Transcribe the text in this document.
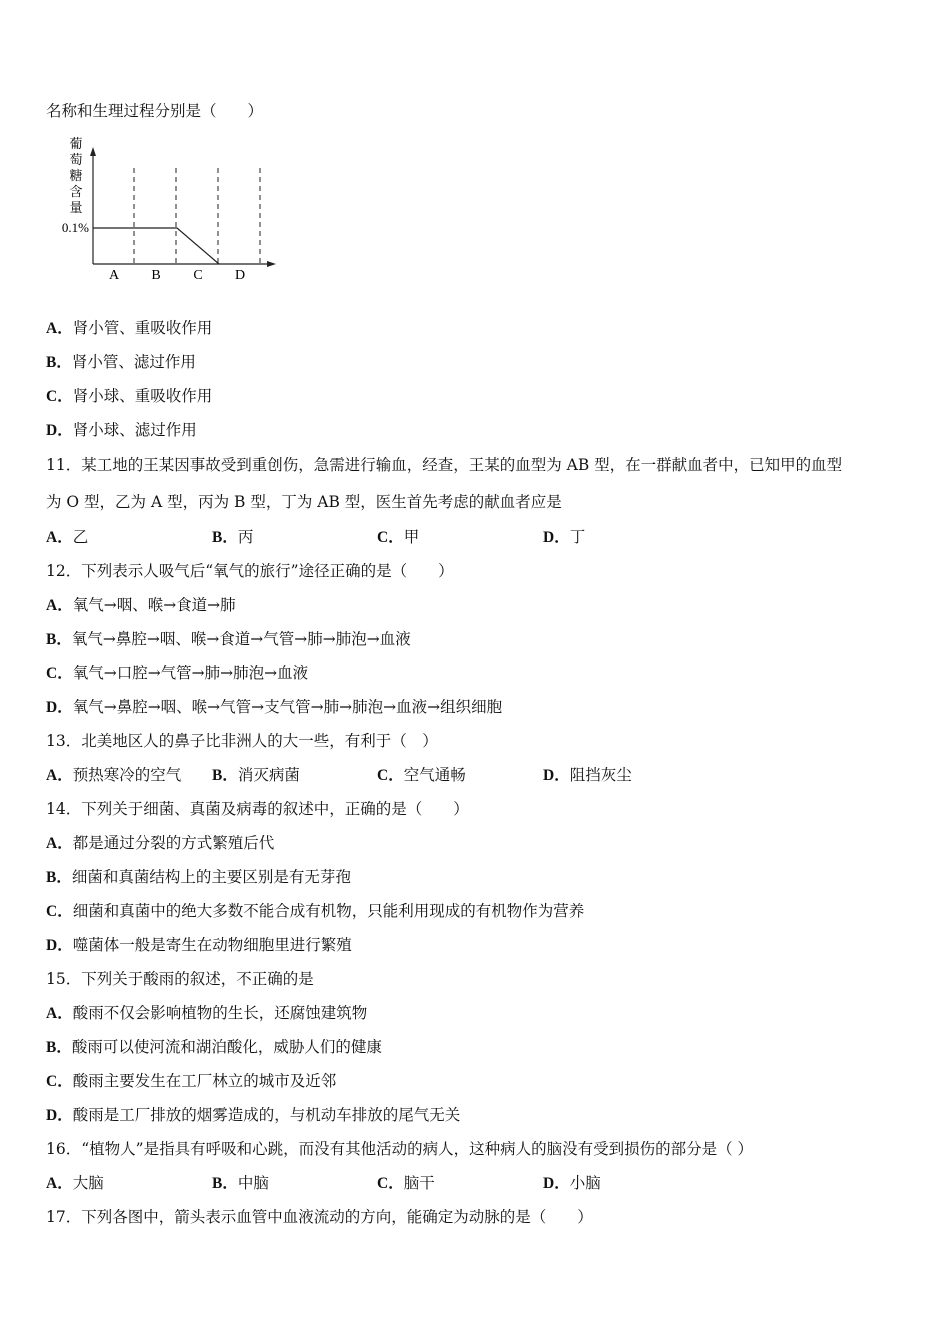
名称和生理过程分别是（　　）
葡
萄
糖
含
量
0.1%
A B C D
A．肾小管、重吸收作用
B．肾小管、滤过作用
C．肾小球、重吸收作用
D．肾小球、滤过作用
11．某工地的王某因事故受到重创伤，急需进行输血，经查，王某的血型为 AB 型，在一群献血者中，已知甲的血型
为 O 型，乙为 A 型，丙为 B 型，丁为 AB 型，医生首先考虑的献血者应是
A．乙	B．丙	C．甲	D．丁
12．下列表示人吸气后“氧气的旅行”途径正确的是（　　）
A．氧气→咽、喉→食道→肺
B．氧气→鼻腔→咽、喉→食道→气管→肺→肺泡→血液
C．氧气→口腔→气管→肺→肺泡→血液
D．氧气→鼻腔→咽、喉→气管→支气管→肺→肺泡→血液→组织细胞
13．北美地区人的鼻子比非洲人的大一些，有利于（　）
A．预热寒冷的空气 B．消灭病菌	C．空气通畅	D．阻挡灰尘
14．下列关于细菌、真菌及病毒的叙述中，正确的是（　　）
A．都是通过分裂的方式繁殖后代
B．细菌和真菌结构上的主要区别是有无芽孢
C．细菌和真菌中的绝大多数不能合成有机物，只能利用现成的有机物作为营养
D．噬菌体一般是寄生在动物细胞里进行繁殖
15．下列关于酸雨的叙述，不正确的是
A．酸雨不仅会影响植物的生长，还腐蚀建筑物
B．酸雨可以使河流和湖泊酸化，威胁人们的健康
C．酸雨主要发生在工厂林立的城市及近邻
D．酸雨是工厂排放的烟雾造成的，与机动车排放的尾气无关
16．“植物人”是指具有呼吸和心跳，而没有其他活动的病人，这种病人的脑没有受到损伤的部分是（ ）
A．大脑	B．中脑	C．脑干	D．小脑
17．下列各图中，箭头表示血管中血液流动的方向，能确定为动脉的是（　　）
